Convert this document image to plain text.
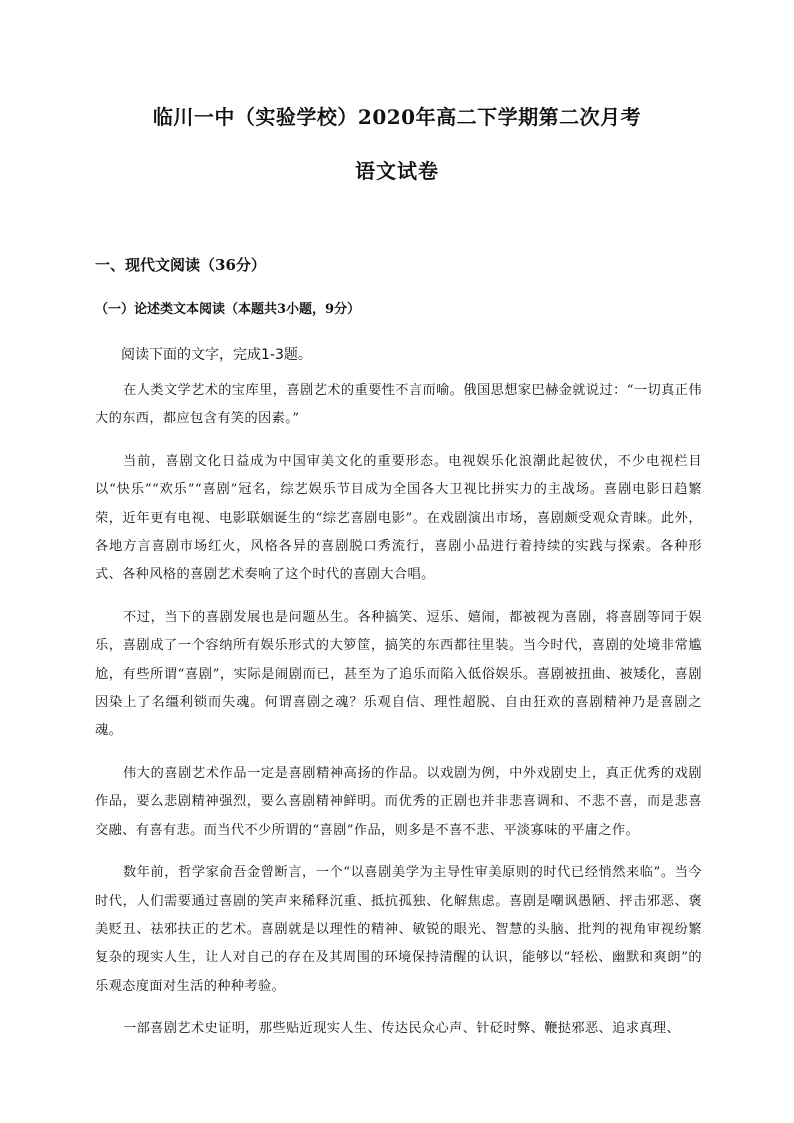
临川一中（实验学校）2020年高二下学期第二次月考
语文试卷
一、现代文阅读（36分）
（一）论述类文本阅读（本题共3小题，9分）
阅读下面的文字，完成1-3题。

在人类文学艺术的宝库里，喜剧艺术的重要性不言而喻。俄国思想家巴赫金就说过：“一切真正伟大的东西，都应包含有笑的因素。”

当前，喜剧文化日益成为中国审美文化的重要形态。电视娱乐化浪潮此起彼伏，不少电视栏目以“快乐”“欢乐”“喜剧”冠名，综艺娱乐节目成为全国各大卫视比拼实力的主战场。喜剧电影日趋繁荣，近年更有电视、电影联姻诞生的“综艺喜剧电影”。在戏剧演出市场，喜剧颇受观众青睐。此外，各地方言喜剧市场红火，风格各异的喜剧脱口秀流行，喜剧小品进行着持续的实践与探索。各种形式、各种风格的喜剧艺术奏响了这个时代的喜剧大合唱。

不过，当下的喜剧发展也是问题丛生。各种搞笑、逗乐、嬉闹，都被视为喜剧，将喜剧等同于娱乐，喜剧成了一个容纳所有娱乐形式的大箩筐，搞笑的东西都往里装。当今时代，喜剧的处境非常尴尬，有些所谓“喜剧”，实际是闹剧而已，甚至为了追乐而陷入低俗娱乐。喜剧被扭曲、被矮化，喜剧因染上了名缰利锁而失魂。何谓喜剧之魂？乐观自信、理性超脱、自由狂欢的喜剧精神乃是喜剧之魂。

伟大的喜剧艺术作品一定是喜剧精神高扬的作品。以戏剧为例，中外戏剧史上，真正优秀的戏剧作品，要么悲剧精神强烈，要么喜剧精神鲜明。而优秀的正剧也并非悲喜调和、不悲不喜，而是悲喜交融、有喜有悲。而当代不少所谓的“喜剧”作品，则多是不喜不悲、平淡寡味的平庸之作。

数年前，哲学家俞吾金曾断言，一个“以喜剧美学为主导性审美原则的时代已经悄然来临”。当今时代，人们需要通过喜剧的笑声来稀释沉重、抵抗孤独、化解焦虑。喜剧是嘲讽愚陋、抨击邪恶、褒美贬丑、祛邪扶正的艺术。喜剧就是以理性的精神、敏锐的眼光、智慧的头脑、批判的视角审视纷繁复杂的现实人生，让人对自己的存在及其周围的环境保持清醒的认识，能够以“轻松、幽默和爽朗”的乐观态度面对生活的种种考验。

一部喜剧艺术史证明，那些贴近现实人生、传达民众心声、针砭时弊、鞭挞邪恶、追求真理、
